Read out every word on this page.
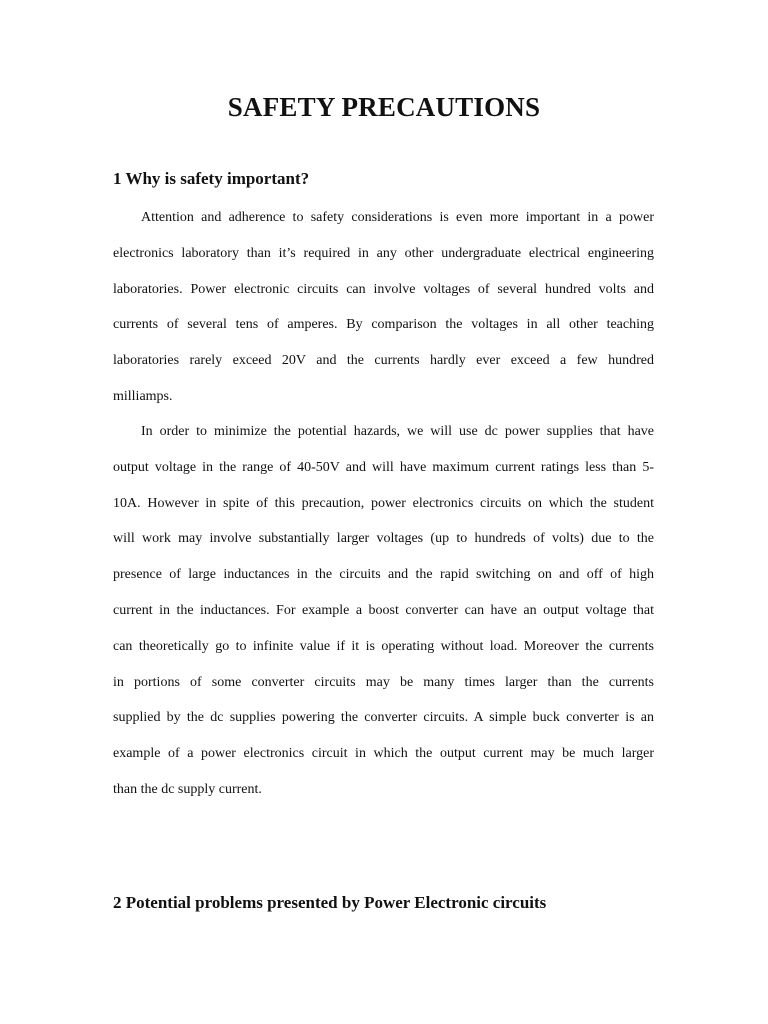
SAFETY PRECAUTIONS
1 Why is safety important?

Attention and adherence to safety considerations is even more important in a power
electronics laboratory than it’s required in any other undergraduate electrical engineering
laboratories. Power electronic circuits can involve voltages of several hundred volts and
currents of several tens of amperes. By comparison the voltages in all other teaching
laboratories rarely exceed 20V and the currents hardly ever exceed a few hundred
milliamps.

In order to minimize the potential hazards, we will use dc power supplies that have
output voltage in the range of 40-50V and will have maximum current ratings less than 5-
10A. However in spite of this precaution, power electronics circuits on which the student
will work may involve substantially larger voltages (up to hundreds of volts) due to the
presence of large inductances in the circuits and the rapid switching on and off of high
current in the inductances. For example a boost converter can have an output voltage that
can theoretically go to infinite value if it is operating without load. Moreover the currents
in portions of some converter circuits may be many times larger than the currents
supplied by the dc supplies powering the converter circuits. A simple buck converter is an
example of a power electronics circuit in which the output current may be much larger
than the dc supply current.

2 Potential problems presented by Power Electronic circuits
